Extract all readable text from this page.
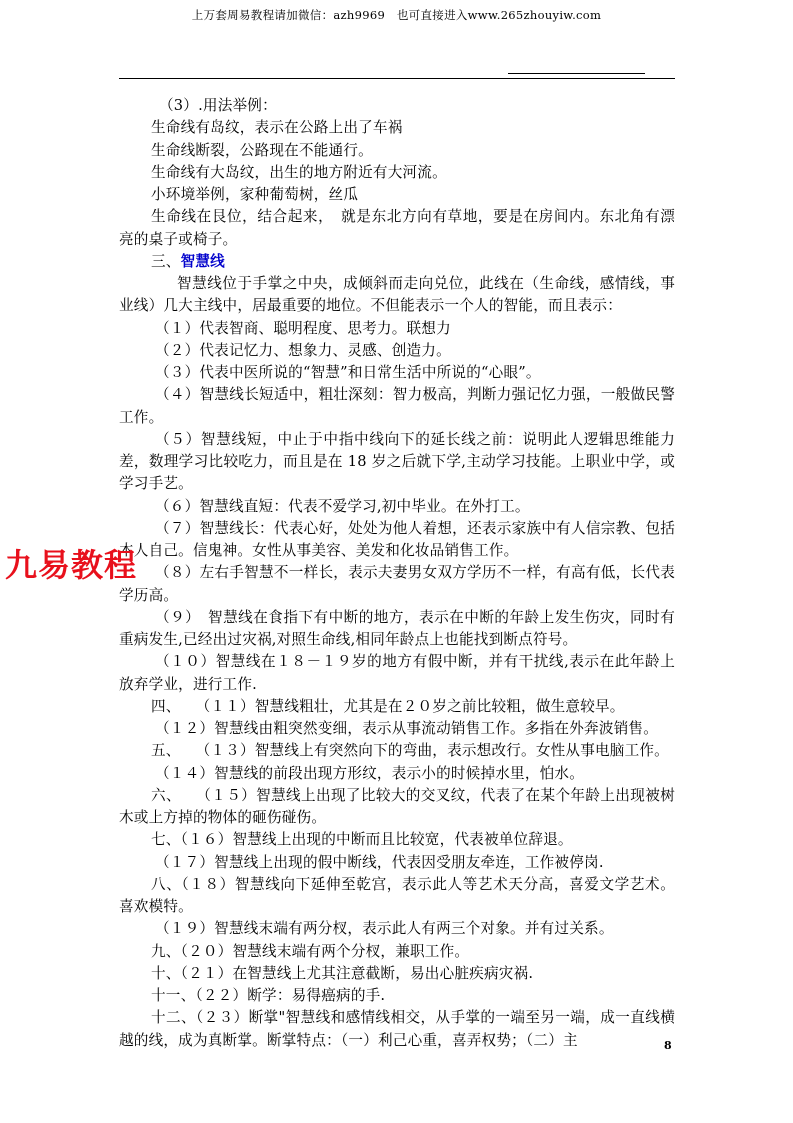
上万套周易教程请加微信：azh9969　也可直接进入www.265zhouyiw.com

（3）.用法举例：

生命线有岛纹，表示在公路上出了车祸

生命线断裂，公路现在不能通行。

生命线有大岛纹，出生的地方附近有大河流。

小环境举例，家种葡萄树，丝瓜

生命线在艮位，结合起来，　就是东北方向有草地，要是在房间内。东北角有漂亮的桌子或椅子。

三、智慧线

智慧线位于手掌之中央，成倾斜而走向兑位，此线在（生命线，感情线，事业线）几大主线中，居最重要的地位。不但能表示一个人的智能，而且表示：

（１）代表智商、聪明程度、思考力。联想力

（２）代表记忆力、想象力、灵感、创造力。

（３）代表中医所说的“智慧”和日常生活中所说的“心眼”。

（４）智慧线长短适中，粗壮深刻：智力极高，判断力强记忆力强，一般做民警工作。

（５）智慧线短，中止于中指中线向下的延长线之前：说明此人逻辑思维能力差，数理学习比较吃力，而且是在 18 岁之后就下学,主动学习技能。上职业中学，或学习手艺。

（６）智慧线直短：代表不爱学习,初中毕业。在外打工。

（７）智慧线长：代表心好，处处为他人着想，还表示家族中有人信宗教、包括本人自己。信鬼神。女性从事美容、美发和化妆品销售工作。

（８）左右手智慧不一样长，表示夫妻男女双方学历不一样，有高有低，长代表学历高。

（９）　智慧线在食指下有中断的地方，表示在中断的年龄上发生伤灾，同时有重病发生,已经出过灾祸,对照生命线,相同年龄点上也能找到断点符号。

（１０）智慧线在１８－１９岁的地方有假中断，并有干扰线,表示在此年龄上放弃学业，进行工作.

四、　　（１１）智慧线粗壮，尤其是在２０岁之前比较粗，做生意较早。

（１２）智慧线由粗突然变细，表示从事流动销售工作。多指在外奔波销售。

五、　　（１３）智慧线上有突然向下的弯曲，表示想改行。女性从事电脑工作。

（１４）智慧线的前段出现方形纹，表示小的时候掉水里，怕水。

六、　　（１５）智慧线上出现了比较大的交叉纹，代表了在某个年龄上出现被树木或上方掉的物体的砸伤碰伤。

七、（１６）智慧线上出现的中断而且比较宽，代表被单位辞退。

（１７）智慧线上出现的假中断线，代表因受朋友牵连，工作被停岗.

八、（１８）智慧线向下延伸至乾宫，表示此人等艺术天分高，喜爱文学艺术。喜欢模特。

（１９）智慧线末端有两分杈，表示此人有两三个对象。并有过关系。

九、（２０）智慧线末端有两个分杈，兼职工作。

十、（２１）在智慧线上尤其注意截断，易出心脏疾病灾祸.

十一、（２２）断学：易得癌病的手.

十二、（２３）断掌"智慧线和感情线相交，从手掌的一端至另一端，成一直线横越的线，成为真断掌。断掌特点：（一）利己心重，喜弄权势；（二）主

九易教程
8
